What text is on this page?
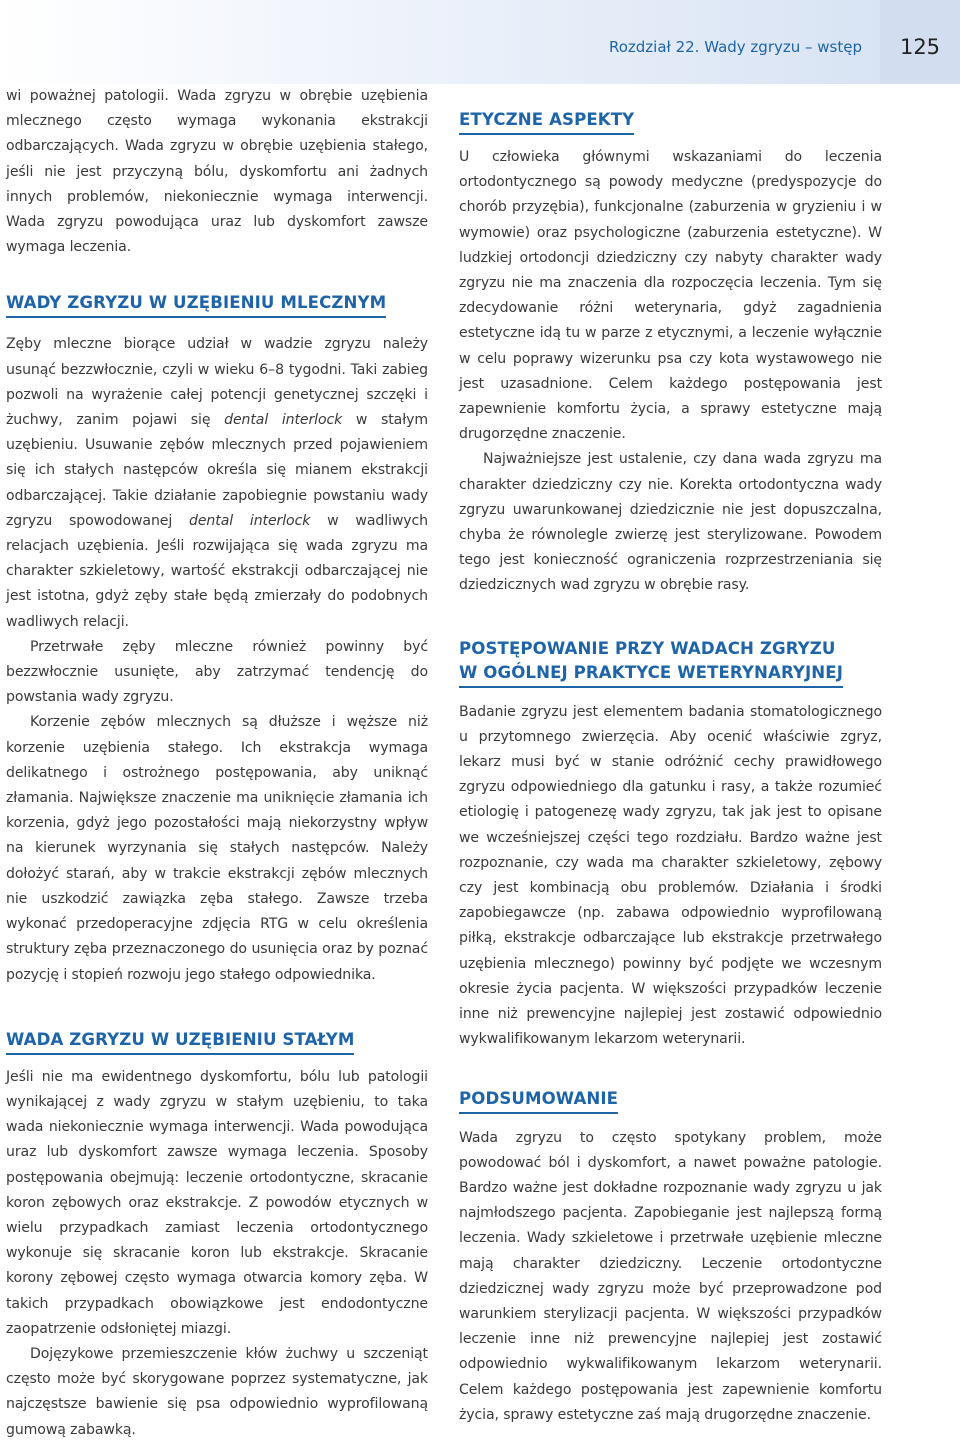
Rozdział 22. Wady zgryzu – wstęp	125

wi poważnej patologii. Wada zgryzu w obrębie uzębienia mlecznego często wymaga wykonania ekstrakcji odbarczających. Wada zgryzu w obrębie uzębienia stałego, jeśli nie jest przyczyną bólu, dyskomfortu ani żadnych innych problemów, niekoniecznie wymaga interwencji. Wada zgryzu powodująca uraz lub dyskomfort zawsze wymaga leczenia.

WADY ZGRYZU W UZĘBIENIU MLECZNYM

Zęby mleczne biorące udział w wadzie zgryzu należy usunąć bezzwłocznie, czyli w wieku 6–8 tygodni. Taki zabieg pozwoli na wyrażenie całej potencji genetycznej szczęki i żuchwy, zanim pojawi się dental interlock w stałym uzębieniu. Usuwanie zębów mlecznych przed pojawieniem się ich stałych następców określa się mianem ekstrakcji odbarczającej. Takie działanie zapobiegnie powstaniu wady zgryzu spowodowanej dental interlock w wadliwych relacjach uzębienia. Jeśli rozwijająca się wada zgryzu ma charakter szkieletowy, wartość ekstrakcji odbarczającej nie jest istotna, gdyż zęby stałe będą zmierzały do podobnych wadliwych relacji.

Przetrwałe zęby mleczne również powinny być bezzwłocznie usunięte, aby zatrzymać tendencję do powstania wady zgryzu.

Korzenie zębów mlecznych są dłuższe i węższe niż korzenie uzębienia stałego. Ich ekstrakcja wymaga delikatnego i ostrożnego postępowania, aby uniknąć złamania. Największe znaczenie ma uniknięcie złamania ich korzenia, gdyż jego pozostałości mają niekorzystny wpływ na kierunek wyrzynania się stałych następców. Należy dołożyć starań, aby w trakcie ekstrakcji zębów mlecznych nie uszkodzić zawiązka zęba stałego. Zawsze trzeba wykonać przedoperacyjne zdjęcia RTG w celu określenia struktury zęba przeznaczonego do usunięcia oraz by poznać pozycję i stopień rozwoju jego stałego odpowiednika.

WADA ZGRYZU W UZĘBIENIU STAŁYM

Jeśli nie ma ewidentnego dyskomfortu, bólu lub patologii wynikającej z wady zgryzu w stałym uzębieniu, to taka wada niekoniecznie wymaga interwencji. Wada powodująca uraz lub dyskomfort zawsze wymaga leczenia. Sposoby postępowania obejmują: leczenie ortodontyczne, skracanie koron zębowych oraz ekstrakcje. Z powodów etycznych w wielu przypadkach zamiast leczenia ortodontycznego wykonuje się skracanie koron lub ekstrakcje. Skracanie korony zębowej często wymaga otwarcia komory zęba. W takich przypadkach obowiązkowe jest endodontyczne zaopatrzenie odsłoniętej miazgi.

Dojęzykowe przemieszczenie kłów żuchwy u szczeniąt często może być skorygowane poprzez systematyczne, jak najczęstsze bawienie się psa odpowiednio wyprofilowaną gumową zabawką.

ETYCZNE ASPEKTY

U człowieka głównymi wskazaniami do leczenia ortodontycznego są powody medyczne (predyspozycje do chorób przyzębia), funkcjonalne (zaburzenia w gryzieniu i w wymowie) oraz psychologiczne (zaburzenia estetyczne). W ludzkiej ortodoncji dziedziczny czy nabyty charakter wady zgryzu nie ma znaczenia dla rozpoczęcia leczenia. Tym się zdecydowanie różni weterynaria, gdyż zagadnienia estetyczne idą tu w parze z etycznymi, a leczenie wyłącznie w celu poprawy wizerunku psa czy kota wystawowego nie jest uzasadnione. Celem każdego postępowania jest zapewnienie komfortu życia, a sprawy estetyczne mają drugorzędne znaczenie.

Najważniejsze jest ustalenie, czy dana wada zgryzu ma charakter dziedziczny czy nie. Korekta ortodontyczna wady zgryzu uwarunkowanej dziedzicznie nie jest dopuszczalna, chyba że równolegle zwierzę jest sterylizowane. Powodem tego jest konieczność ograniczenia rozprzestrzeniania się dziedzicznych wad zgryzu w obrębie rasy.

POSTĘPOWANIE PRZY WADACH ZGRYZU
W OGÓLNEJ PRAKTYCE WETERYNARYJNEJ

Badanie zgryzu jest elementem badania stomatologicznego u przytomnego zwierzęcia. Aby ocenić właściwie zgryz, lekarz musi być w stanie odróżnić cechy prawidłowego zgryzu odpowiedniego dla gatunku i rasy, a także rozumieć etiologię i patogenezę wady zgryzu, tak jak jest to opisane we wcześniejszej części tego rozdziału. Bardzo ważne jest rozpoznanie, czy wada ma charakter szkieletowy, zębowy czy jest kombinacją obu problemów. Działania i środki zapobiegawcze (np. zabawa odpowiednio wyprofilowaną piłką, ekstrakcje odbarczające lub ekstrakcje przetrwałego uzębienia mlecznego) powinny być podjęte we wczesnym okresie życia pacjenta. W większości przypadków leczenie inne niż prewencyjne najlepiej jest zostawić odpowiednio wykwalifikowanym lekarzom weterynarii.

PODSUMOWANIE

Wada zgryzu to często spotykany problem, może powodować ból i dyskomfort, a nawet poważne patologie. Bardzo ważne jest dokładne rozpoznanie wady zgryzu u jak najmłodszego pacjenta. Zapobieganie jest najlepszą formą leczenia. Wady szkieletowe i przetrwałe uzębienie mleczne mają charakter dziedziczny. Leczenie ortodontyczne dziedzicznej wady zgryzu może być przeprowadzone pod warunkiem sterylizacji pacjenta. W większości przypadków leczenie inne niż prewencyjne najlepiej jest zostawić odpowiednio wykwalifikowanym lekarzom weterynarii. Celem każdego postępowania jest zapewnienie komfortu życia, sprawy estetyczne zaś mają drugorzędne znaczenie.
